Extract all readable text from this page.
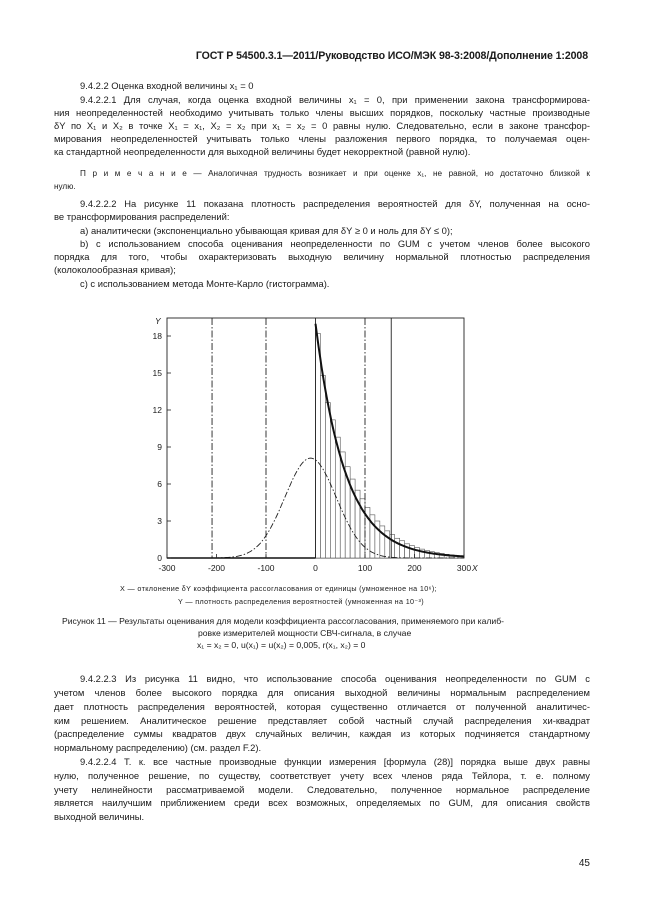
ГОСТ Р 54500.3.1—2011/Руководство ИСО/МЭК 98-3:2008/Дополнение 1:2008
9.4.2.2 Оценка входной величины x₁ = 0
9.4.2.2.1 Для случая, когда оценка входной величины x₁ = 0, при применении закона трансформирова-
ния неопределенностей необходимо учитывать только члены высших порядков, поскольку частные производные
δY по X₁ и X₂ в точке X₁ = x₁, X₂ = x₂ при x₁ = x₂ = 0 равны нулю. Следовательно, если в законе трансфор-
мирования неопределенностей учитывать только члены разложения первого порядка, то получаемая оцен-
ка стандартной неопределенности для выходной величины будет некорректной (равной нулю).
П р и м е ч а н и е — Аналогичная трудность возникает и при оценке x₁, не равной, но достаточно близкой к
нулю.
9.4.2.2.2 На рисунке 11 показана плотность распределения вероятностей для δY, полученная на осно-
ве трансформирования распределений:
a) аналитически (экспоненциально убывающая кривая для δY ≥ 0 и ноль для δY ≤ 0);
b) с использованием способа оценивания неопределенности по GUM с учетом членов более высокого
порядка для того, чтобы охарактеризовать выходную величину нормальной плотностью распределения
(колоколообразная кривая);
c) с использованием метода Монте-Карло (гистограмма).
0
3
6
9
12
15
18
-300	-200	-100	0	100	200	300
Y
X
X — отклонение δY коэффициента рассогласования от единицы (умноженное на 10⁶);
Y — плотность распределения вероятностей (умноженная на 10⁻³)
Рисунок 11 — Результаты оценивания для модели коэффициента рассогласования, применяемого при калиб-
ровке измерителей мощности СВЧ-сигнала, в случае
x₁ = x₂ = 0, u(x₁) = u(x₂) = 0,005, r(x₁, x₂) = 0
9.4.2.2.3 Из рисунка 11 видно, что использование способа оценивания неопределенности по GUM с
учетом членов более высокого порядка для описания выходной величины нормальным распределением
дает плотность распределения вероятностей, которая существенно отличается от полученной аналитичес-
ким решением. Аналитическое решение представляет собой частный случай распределения хи-квадрат
(распределение суммы квадратов двух случайных величин, каждая из которых подчиняется стандартному
нормальному распределению) (см. раздел F.2).
9.4.2.2.4 Т. к. все частные производные функции измерения [формула (28)] порядка выше двух равны
нулю, полученное решение, по существу, соответствует учету всех членов ряда Тейлора, т. е. полному
учету нелинейности рассматриваемой модели. Следовательно, полученное нормальное распределение
является наилучшим приближением среди всех возможных, определяемых по GUM, для описания свойств
выходной величины.
45
